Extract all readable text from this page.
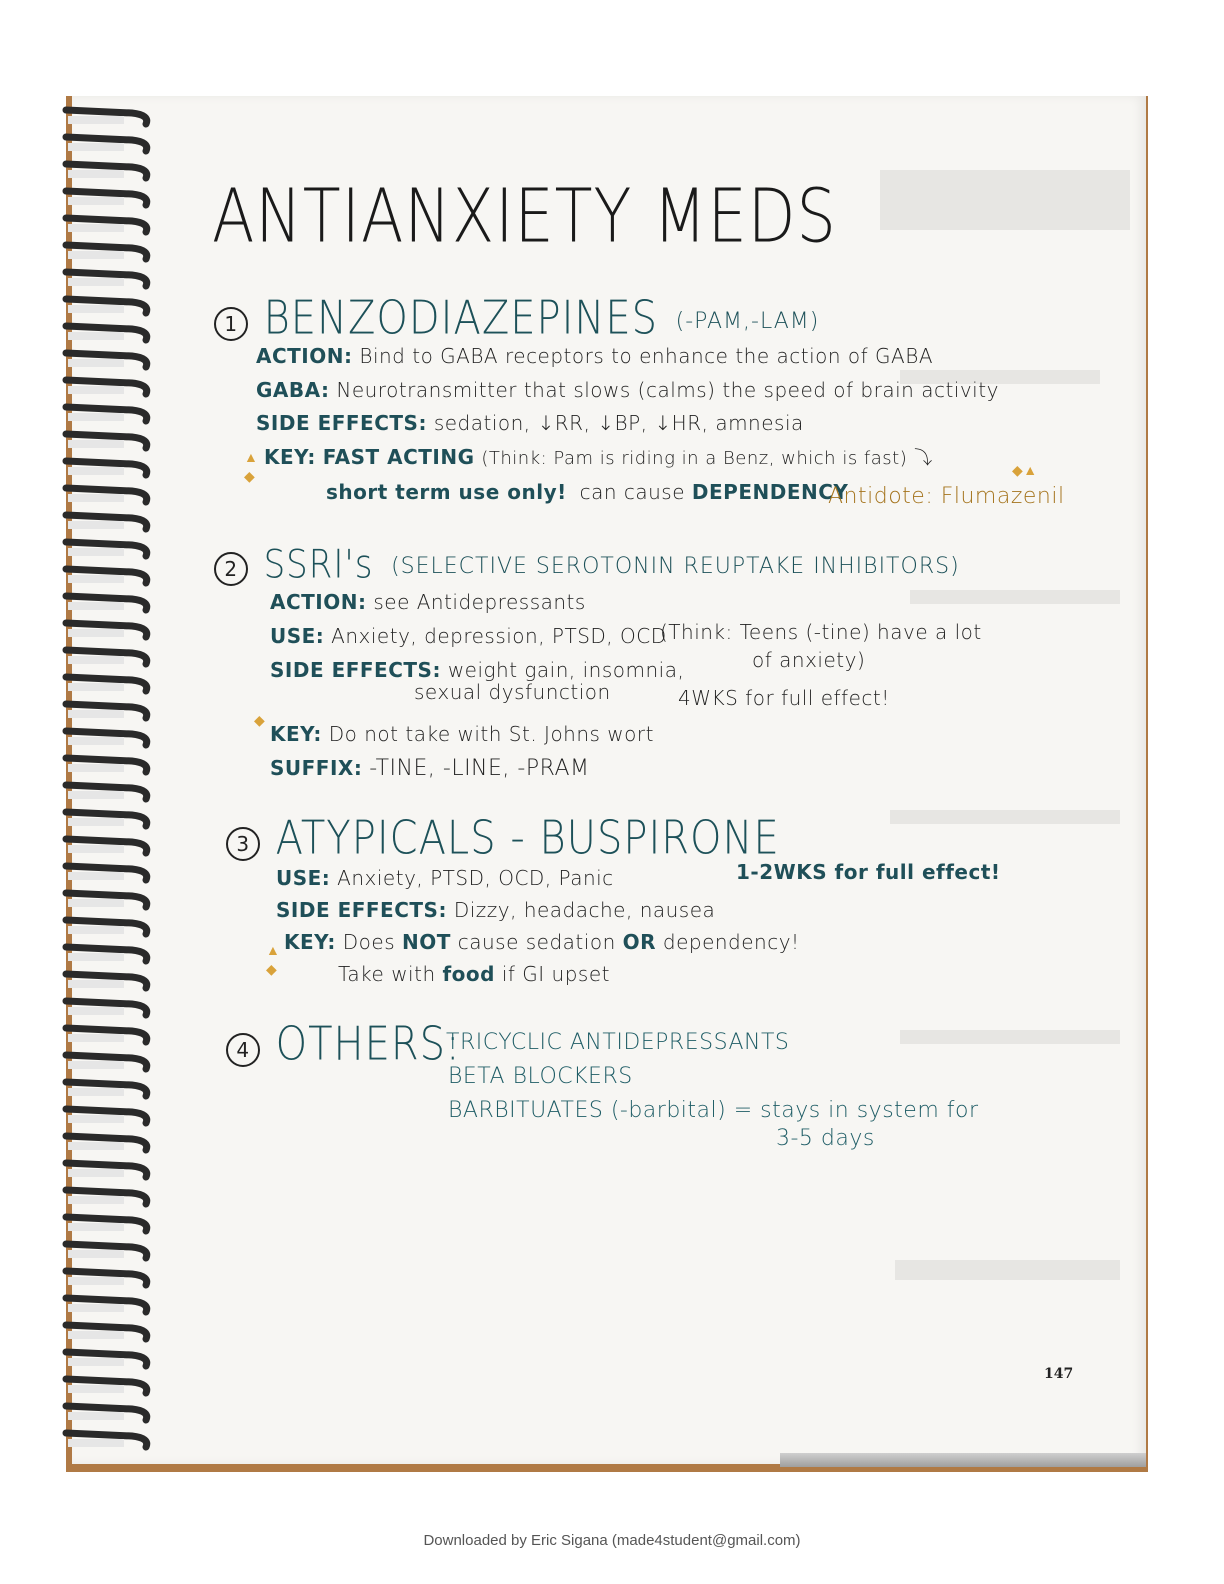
ANTIANXIETY MEDS
1 BENZODIAZEPINES (-PAM,-LAM)
ACTION: Bind to GABA receptors to enhance the action of GABA
GABA: Neurotransmitter that slows (calms) the speed of brain activity
SIDE EFFECTS: sedation, ↓RR, ↓BP, ↓HR, amnesia
▲
◆
KEY: FAST ACTING (Think: Pam is riding in a Benz, which is fast) ⤵
short term use only! can cause DEPENDENCY
◆▲
Antidote: Flumazenil
2 SSRI's (SELECTIVE SEROTONIN REUPTAKE INHIBITORS)
ACTION: see Antidepressants
USE: Anxiety, depression, PTSD, OCD
(Think: Teens (-tine) have a lot
of anxiety)
SIDE EFFECTS: weight gain, insomnia,
sexual dysfunction	4WKS for full effect!
◆
KEY: Do not take with St. Johns wort
SUFFIX: -TINE, -LINE, -PRAM
3 ATYPICALS - BUSPIRONE
USE: Anxiety, PTSD, OCD, Panic	1-2WKS for full effect!
SIDE EFFECTS: Dizzy, headache, nausea
▲
◆
KEY: Does NOT cause sedation OR dependency!
Take with food if GI upset
4 OTHERS:
TRICYCLIC ANTIDEPRESSANTS
BETA BLOCKERS
BARBITUATES (-barbital) = stays in system for
3-5 days
147
Downloaded by Eric Sigana (made4student@gmail.com)
